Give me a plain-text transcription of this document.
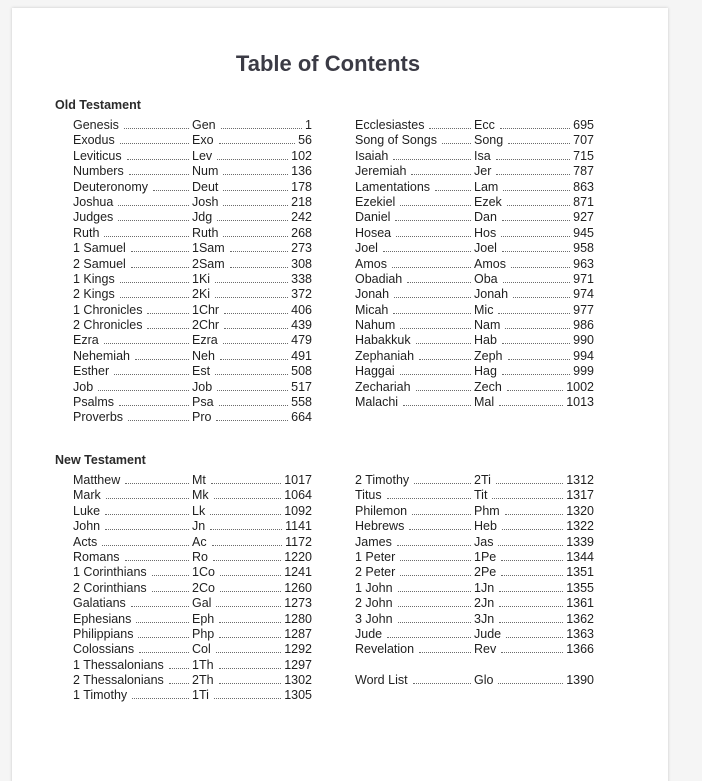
Table of Contents
Old Testament
Genesis	Gen	1
Exodus	Exo	56
Leviticus	Lev	102
Numbers	Num	136
Deuteronomy	Deut	178
Joshua	Josh	218
Judges	Jdg	242
Ruth	Ruth	268
1 Samuel	1Sam	273
2 Samuel	2Sam	308
1 Kings	1Ki	338
2 Kings	2Ki	372
1 Chronicles	1Chr	406
2 Chronicles	2Chr	439
Ezra	Ezra	479
Nehemiah	Neh	491
Esther	Est	508
Job	Job	517
Psalms	Psa	558
Proverbs	Pro	664
Ecclesiastes	Ecc	695
Song of Songs	Song	707
Isaiah	Isa	715
Jeremiah	Jer	787
Lamentations	Lam	863
Ezekiel	Ezek	871
Daniel	Dan	927
Hosea	Hos	945
Joel	Joel	958
Amos	Amos	963
Obadiah	Oba	971
Jonah	Jonah	974
Micah	Mic	977
Nahum	Nam	986
Habakkuk	Hab	990
Zephaniah	Zeph	994
Haggai	Hag	999
Zechariah	Zech	1002
Malachi	Mal	1013
New Testament
Matthew	Mt	1017
Mark	Mk	1064
Luke	Lk	1092
John	Jn	1141
Acts	Ac	1172
Romans	Ro	1220
1 Corinthians	1Co	1241
2 Corinthians	2Co	1260
Galatians	Gal	1273
Ephesians	Eph	1280
Philippians	Php	1287
Colossians	Col	1292
1 Thessalonians 1Th	1297
2 Thessalonians 2Th	1302
1 Timothy	1Ti	1305
2 Timothy	2Ti	1312
Titus	Tit	1317
Philemon	Phm	1320
Hebrews	Heb	1322
James	Jas	1339
1 Peter	1Pe	1344
2 Peter	2Pe	1351
1 John	1Jn	1355
2 John	2Jn	1361
3 John	3Jn	1362
Jude	Jude	1363
Revelation	Rev	1366
Word List	Glo	1390
